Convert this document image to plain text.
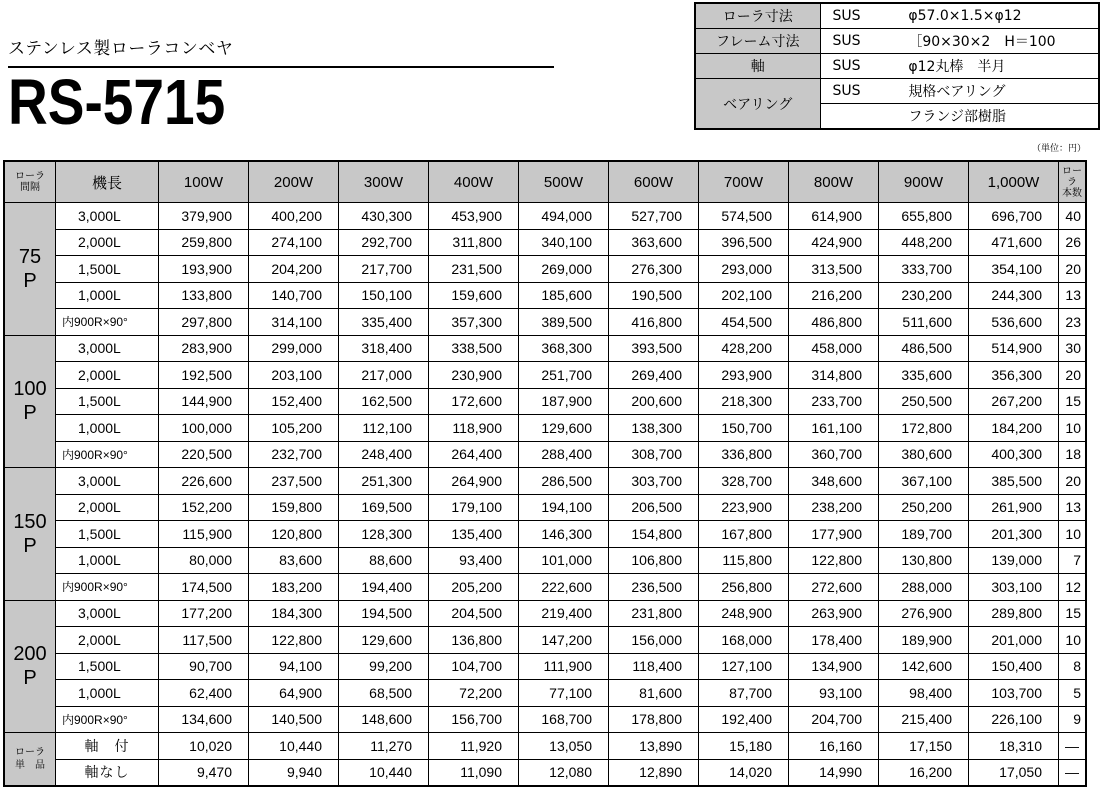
ステンレス製ローラコンベヤ
RS-5715
ローラ寸法	SUS	φ57.0×1.5×φ12
フレーム寸法	SUS	［90×30×2　H＝100
軸	SUS	φ12丸棒　半月
ベアリング	SUS	規格ベアリング
		フランジ部樹脂
（単位：円）
ローラ
間隔	機長	100W	200W	300W	400W	500W	600W	700W	800W	900W	1,000W	ローラ
本数
75
P	3,000L	379,900	400,200	430,300	453,900	494,000	527,700	574,500	614,900	655,800	696,700	40
	2,000L	259,800	274,100	292,700	311,800	340,100	363,600	396,500	424,900	448,200	471,600	26
	1,500L	193,900	204,200	217,700	231,500	269,000	276,300	293,000	313,500	333,700	354,100	20
	1,000L	133,800	140,700	150,100	159,600	185,600	190,500	202,100	216,200	230,200	244,300	13
	内900R×90°	297,800	314,100	335,400	357,300	389,500	416,800	454,500	486,800	511,600	536,600	23
100
P	3,000L	283,900	299,000	318,400	338,500	368,300	393,500	428,200	458,000	486,500	514,900	30
	2,000L	192,500	203,100	217,000	230,900	251,700	269,400	293,900	314,800	335,600	356,300	20
	1,500L	144,900	152,400	162,500	172,600	187,900	200,600	218,300	233,700	250,500	267,200	15
	1,000L	100,000	105,200	112,100	118,900	129,600	138,300	150,700	161,100	172,800	184,200	10
	内900R×90°	220,500	232,700	248,400	264,400	288,400	308,700	336,800	360,700	380,600	400,300	18
150
P	3,000L	226,600	237,500	251,300	264,900	286,500	303,700	328,700	348,600	367,100	385,500	20
	2,000L	152,200	159,800	169,500	179,100	194,100	206,500	223,900	238,200	250,200	261,900	13
	1,500L	115,900	120,800	128,300	135,400	146,300	154,800	167,800	177,900	189,700	201,300	10
	1,000L	80,000	83,600	88,600	93,400	101,000	106,800	115,800	122,800	130,800	139,000	7
	内900R×90°	174,500	183,200	194,400	205,200	222,600	236,500	256,800	272,600	288,000	303,100	12
200
P	3,000L	177,200	184,300	194,500	204,500	219,400	231,800	248,900	263,900	276,900	289,800	15
	2,000L	117,500	122,800	129,600	136,800	147,200	156,000	168,000	178,400	189,900	201,000	10
	1,500L	90,700	94,100	99,200	104,700	111,900	118,400	127,100	134,900	142,600	150,400	8
	1,000L	62,400	64,900	68,500	72,200	77,100	81,600	87,700	93,100	98,400	103,700	5
	内900R×90°	134,600	140,500	148,600	156,700	168,700	178,800	192,400	204,700	215,400	226,100	9
ローラ
単　品	軸　付	10,020	10,440	11,270	11,920	13,050	13,890	15,180	16,160	17,150	18,310	—
	軸なし	9,470	9,940	10,440	11,090	12,080	12,890	14,020	14,990	16,200	17,050	—
